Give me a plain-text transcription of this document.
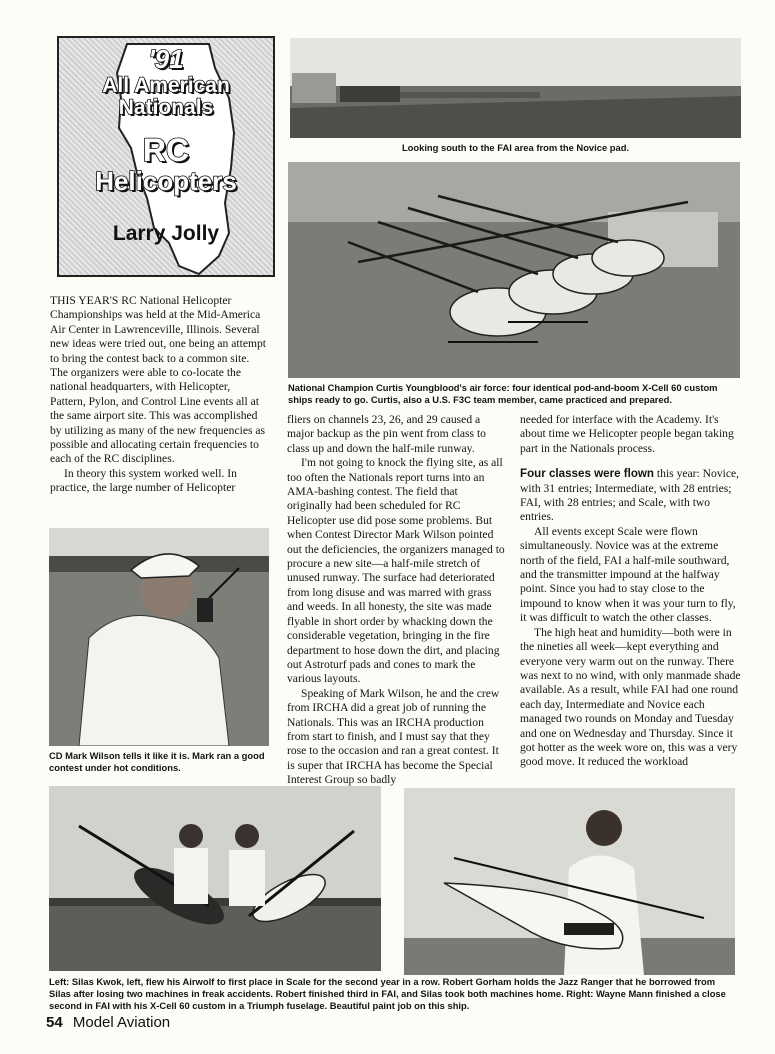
'91
All American
Nationals
RC
Helicopters
Larry Jolly
Looking south to the FAI area from the Novice pad.
National Champion Curtis Youngblood's air force: four identical pod-and-boom X-Cell 60 custom ships ready to go. Curtis, also a U.S. F3C team member, came practiced and prepared.

THIS YEAR'S RC National Helicopter Championships was held at the Mid-America Air Center in Lawrenceville, Illinois. Several new ideas were tried out, one being an attempt to bring the contest back to a common site. The organizers were able to co-locate the national headquarters, with Helicopter, Pattern, Pylon, and Control Line events all at the same airport site. This was accomplished by utilizing as many of the new frequencies as possible and allocating certain frequencies to each of the RC disciplines.

In theory this system worked well. In practice, the large number of Helicopter

CD Mark Wilson tells it like it is. Mark ran a good contest under hot conditions.

fliers on channels 23, 26, and 29 caused a major backup as the pin went from class to class up and down the half-mile runway.

I'm not going to knock the flying site, as all too often the Nationals report turns into an AMA-bashing contest. The field that originally had been scheduled for RC Helicopter use did pose some problems. But when Contest Director Mark Wilson pointed out the deficiencies, the organizers managed to procure a new site—a half-mile stretch of unused runway. The surface had deteriorated from long disuse and was marred with grass and weeds. In all honesty, the site was made flyable in short order by whacking down the considerable vegetation, bringing in the fire department to hose down the dirt, and placing out Astroturf pads and cones to mark the various layouts.

Speaking of Mark Wilson, he and the crew from IRCHA did a great job of running the Nationals. This was an IRCHA production from start to finish, and I must say that they rose to the occasion and ran a great contest. It is super that IRCHA has become the Special Interest Group so badly

needed for interface with the Academy. It's about time we Helicopter people began taking part in the Nationals process.

Four classes were flown this year: Novice, with 31 entries; Intermediate, with 28 entries; FAI, with 28 entries; and Scale, with two entries.

All events except Scale were flown simultaneously. Novice was at the extreme north of the field, FAI a half-mile southward, and the transmitter impound at the halfway point. Since you had to stay close to the impound to know when it was your turn to fly, it was difficult to watch the other classes.

The high heat and humidity—both were in the nineties all week—kept everything and everyone very warm out on the runway. There was next to no wind, with only manmade shade available. As a result, while FAI had one round each day, Intermediate and Novice each managed two rounds on Monday and Tuesday and one on Wednesday and Thursday. Since it got hotter as the week wore on, this was a very good move. It reduced the workload

Left: Silas Kwok, left, flew his Airwolf to first place in Scale for the second year in a row. Robert Gorham holds the Jazz Ranger that he borrowed from Silas after losing two machines in freak accidents. Robert finished third in FAI, and Silas took both machines home. Right: Wayne Mann finished a close second in FAI with his X-Cell 60 custom in a Triumph fuselage. Beautiful paint job on this ship.
54 Model Aviation
